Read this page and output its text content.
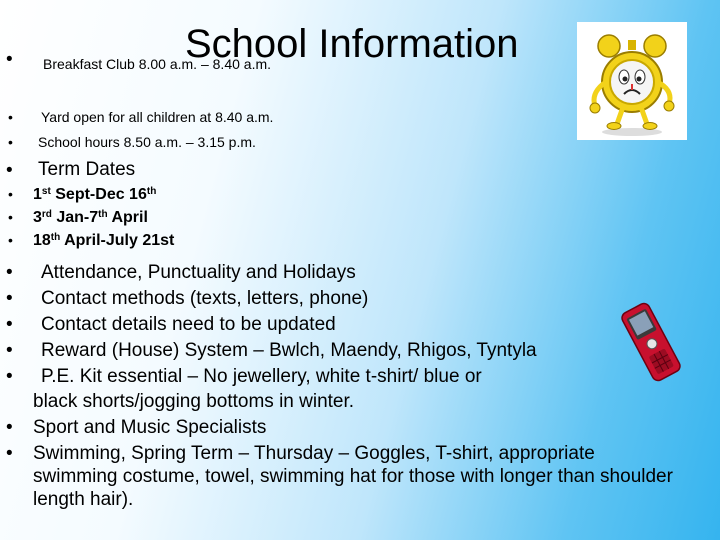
School Information
• Breakfast Club 8.00 a.m. – 8.40 a.m.
• Yard open for all children at 8.40 a.m.
• School hours 8.50 a.m. – 3.15 p.m.
• Term Dates
• 1st Sept-Dec 16th
• 3rd Jan-7th April
• 18th April-July 21st
• Attendance, Punctuality and Holidays
• Contact methods (texts, letters, phone)
• Contact details need to be updated
• Reward (House) System – Bwlch, Maendy, Rhigos, Tyntyla
• P.E. Kit essential – No jewellery, white t-shirt/ blue or
black shorts/jogging bottoms in winter.
• Sport and Music Specialists
• Swimming, Spring Term – Thursday – Goggles, T-shirt, appropriate
swimming costume, towel, swimming hat for those with longer than shoulder
length hair).
